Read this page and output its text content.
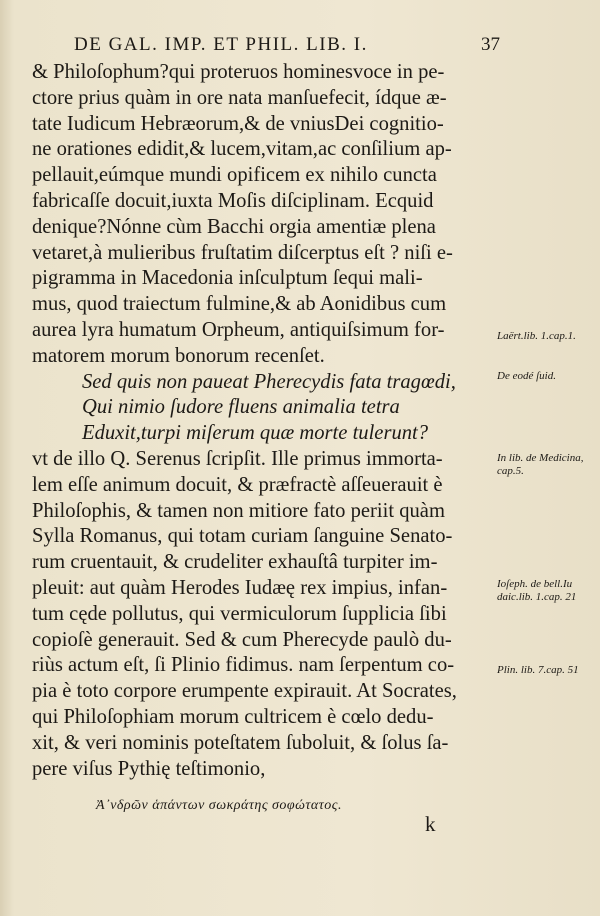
DE GAL. IMP. ET PHIL. LIB. I.	37
& Philoſophum?qui proteruos hominesvoce in pe-
ctore prius quàm in ore nata manſuefecit, ídque æ-
tate Iudicum Hebræorum,& de vniusDei cognitio-
ne orationes edidit,& lucem,vitam,ac conſilium ap-
pellauit,eúmque mundi opificem ex nihilo cuncta
fabricaſſe docuit,iuxta Moſis diſciplinam. Ecquid
denique?Nónne cùm Bacchi orgia amentiæ plena
vetaret,à mulieribus fruſtatim diſcerptus eſt ? niſi e-
pigramma in Macedonia inſculptum ſequi mali-
mus, quod traiectum fulmine,& ab Aonidibus cum
aurea lyra humatum Orpheum, antiquiſsimum for-
matorem morum bonorum recenſet.
Sed quis non paueat Pherecydis fata tragœdi,
Qui nimio ſudore fluens animalia tetra
Eduxit,turpi miſerum quæ morte tulerunt?
vt de illo Q. Serenus ſcripſit. Ille primus immorta-
lem eſſe animum docuit, & præfractè aſſeuerauit è
Philoſophis, & tamen non mitiore fato periit quàm
Sylla Romanus, qui totam curiam ſanguine Senato-
rum cruentauit, & crudeliter exhauſtâ turpiter im-
pleuit: aut quàm Herodes Iudæę rex impius, infan-
tum cęde pollutus, qui vermiculorum ſupplicia ſibi
copioſè generauit. Sed & cum Pherecyde paulò du-
riùs actum eſt, ſi Plinio fidimus. nam ſerpentum co-
pia è toto corpore erumpente expirauit. At Socrates,
qui Philoſophiam morum cultricem è cœlo dedu-
xit, & veri nominis poteſtatem ſuboluit, & ſolus ſa-
pere viſus Pythię teſtimonio,
Laërt.lib. 1.cap.1.
De eodé ſuid.
In lib. de Medicina, cap.5.
Ioſeph. de bell.Iu daic.lib. 1.cap. 21
Plin. lib. 7.cap. 51
Ἀ᾽νδρῶν ἁπάντων σωκράτης σοφώτατος.
k
